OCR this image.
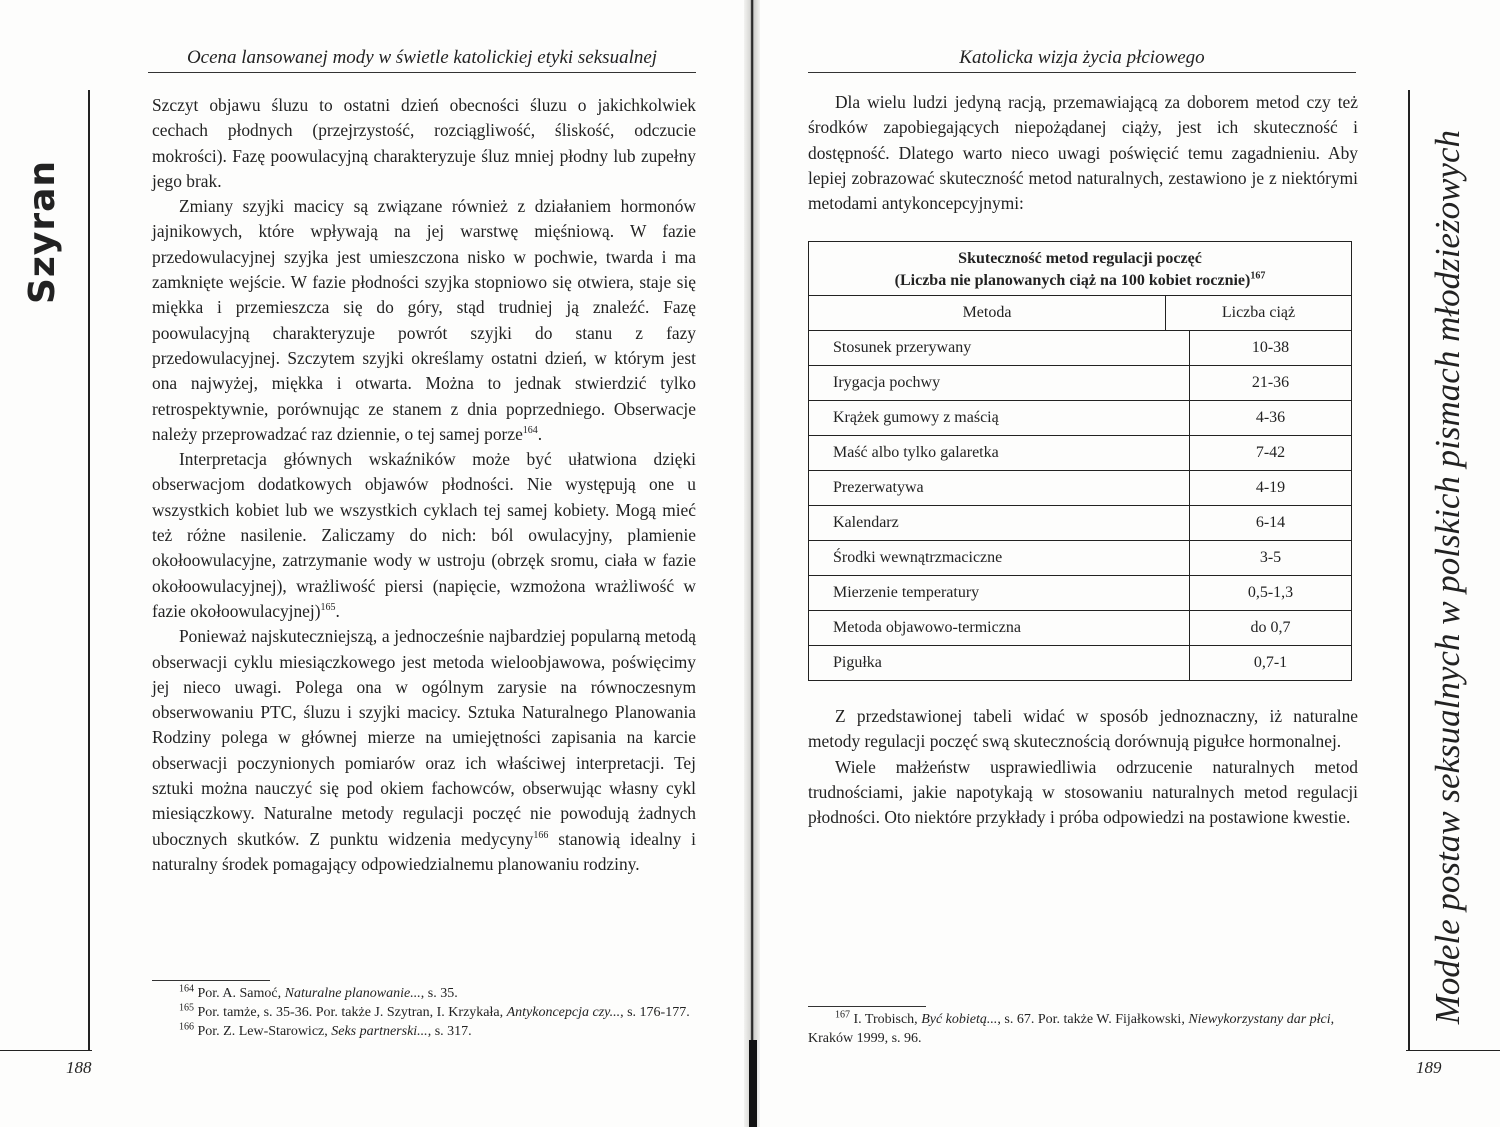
Szyran
Ocena lansowanej mody w świetle katolickiej etyki seksualnej

Szczyt objawu śluzu to ostatni dzień obecności śluzu o jakichkolwiek cechach płodnych (przejrzystość, rozciągliwość, śliskość, odczucie mokrości). Fazę poowulacyjną charakteryzuje śluz mniej płodny lub zupełny jego brak.

Zmiany szyjki macicy są związane również z działaniem hormonów jajnikowych, które wpływają na jej warstwę mięśniową. W fazie przedowulacyjnej szyjka jest umieszczona nisko w pochwie, twarda i ma zamknięte wejście. W fazie płodności szyjka stopniowo się otwiera, staje się miękka i przemieszcza się do góry, stąd trudniej ją znaleźć. Fazę poowulacyjną charakteryzuje powrót szyjki do stanu z fazy przedowulacyjnej. Szczytem szyjki określamy ostatni dzień, w którym jest ona najwyżej, miękka i otwarta. Można to jednak stwierdzić tylko retrospektywnie, porównując ze stanem z dnia poprzedniego. Obserwacje należy przeprowadzać raz dziennie, o tej samej porze$^{164}$.

Interpretacja głównych wskaźników może być ułatwiona dzięki obserwacjom dodatkowych objawów płodności. Nie występują one u wszystkich kobiet lub we wszystkich cyklach tej samej kobiety. Mogą mieć też różne nasilenie. Zaliczamy do nich: ból owulacyjny, plamienie okołoowulacyjne, zatrzymanie wody w ustroju (obrzęk sromu, ciała w fazie okołoowulacyjnej), wrażliwość piersi (napięcie, wzmożona wrażliwość w fazie okołoowulacyjnej)$^{165}$.

Ponieważ najskuteczniejszą, a jednocześnie najbardziej popularną metodą obserwacji cyklu miesiączkowego jest metoda wieloobjawowa, poświęcimy jej nieco uwagi. Polega ona w ogólnym zarysie na równoczesnym obserwowaniu PTC, śluzu i szyjki macicy. Sztuka Naturalnego Planowania Rodziny polega w głównej mierze na umiejętności zapisania na karcie obserwacji poczynionych pomiarów oraz ich właściwej interpretacji. Tej sztuki można nauczyć się pod okiem fachowców, obserwując własny cykl miesiączkowy. Naturalne metody regulacji poczęć nie powodują żadnych ubocznych skutków. Z punktu widzenia medycyny$^{166}$ stanowią idealny i naturalny środek pomagający odpowiedzialnemu planowaniu rodziny.

$^{164}$ Por. A. Samoć, Naturalne planowanie..., s. 35.
$^{165}$ Por. tamże, s. 35-36. Por. także J. Szytran, I. Krzykała, Antykoncepcja czy..., s. 176-177.
$^{166}$ Por. Z. Lew-Starowicz, Seks partnerski..., s. 317.
188
Katolicka wizja życia płciowego

Dla wielu ludzi jedyną racją, przemawiającą za doborem metod czy też środków zapobiegających niepożądanej ciąży, jest ich skuteczność i dostępność. Dlatego warto nieco uwagi poświęcić temu zagadnieniu. Aby lepiej zobrazować skuteczność metod naturalnych, zestawiono je z niektórymi metodami antykoncepcyjnymi:

Skuteczność metod regulacji poczęć
(Liczba nie planowanych ciąż na 100 kobiet rocznie)$^{167}$
Metoda	Liczba ciąż
Stosunek przerywany	10-38
Irygacja pochwy	21-36
Krążek gumowy z maścią	4-36
Maść albo tylko galaretka	7-42
Prezerwatywa	4-19
Kalendarz	6-14
Środki wewnątrzmaciczne	3-5
Mierzenie temperatury	0,5-1,3
Metoda objawowo-termiczna	do 0,7
Pigułka	0,7-1

Z przedstawionej tabeli widać w sposób jednoznaczny, iż naturalne metody regulacji poczęć swą skutecznością dorównują pigułce hormonalnej.

Wiele małżeństw usprawiedliwia odrzucenie naturalnych metod trudnościami, jakie napotykają w stosowaniu naturalnych metod regulacji płodności. Oto niektóre przykłady i próba odpowiedzi na postawione kwestie.

$^{167}$ I. Trobisch, Być kobietą..., s. 67. Por. także W. Fijałkowski, Niewykorzystany dar płci, Kraków 1999, s. 96.
Modele postaw seksualnych w polskich pismach młodzieżowych
189
